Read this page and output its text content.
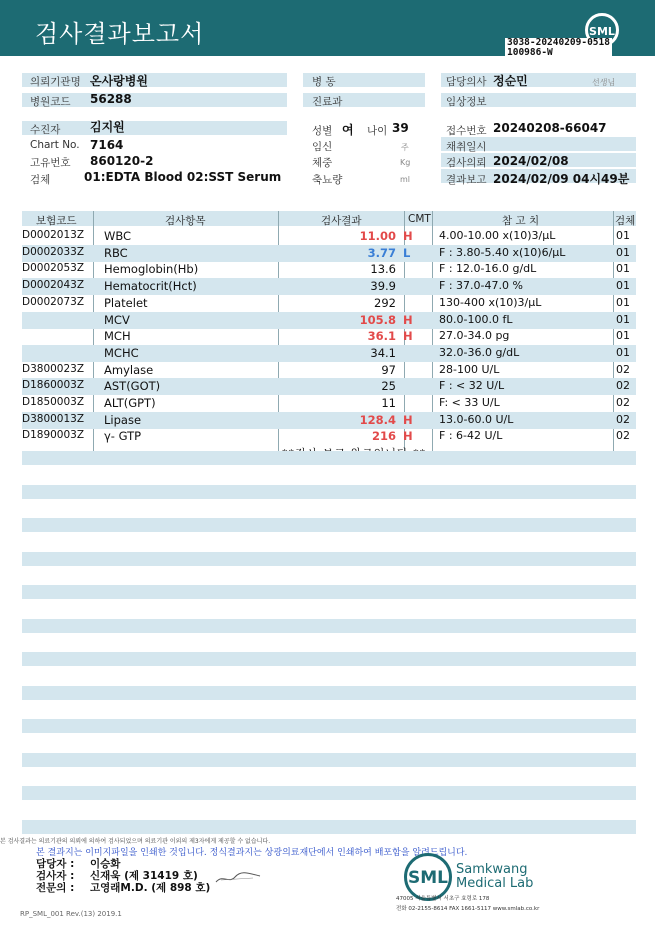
검사결과보고서	SML
3038-20240209-0518
100986-W
의뢰기관명 온사랑병원	병 동	담당의사 정순민	선생님
병원코드 56288	진료과	임상정보
수진자 김지원	성별 여 나이 39	접수번호 20240208-66047
Chart No. 7164	임신	주	채취일시
고유번호 860120-2	체중	Kg	검사의뢰 2024/02/08
검체	01:EDTA Blood 02:SST Serum	축뇨량	ml	결과보고 2024/02/09 04시49분
보험코드	검사항목	검사결과	CMT	참 고 치	검체
D0002013Z WBC	11.00 H 4.00-10.00 x(10)3/μL	01
D0002033Z RBC	3.77 L	F : 3.80-5.40 x(10)6/μL	01
D0002053Z Hemoglobin(Hb)	13.6	F : 12.0-16.0 g/dL	01
D0002043Z Hematocrit(Hct)	39.9	F : 37.0-47.0 %	01
D0002073Z Platelet	292	130-400 x(10)3/μL	01
MCV	105.8 H 80.0-100.0 fL	01
MCH	36.1 H 27.0-34.0 pg	01
MCHC	34.1	32.0-36.0 g/dL	01
D3800023Z Amylase	97	28-100 U/L	02
D1860003Z AST(GOT)	25	F : < 32 U/L	02
D1850003Z ALT(GPT)	11	F: < 33 U/L	02
D3800013Z Lipase	128.4 H 13.0-60.0 U/L	02
D1890003Z γ- GTP	216 H F : 6-42 U/L	02
본 검사결과는 의료기관의 의뢰에 의하여 검사되었으며 의료기관 이외의 제3자에게 제공할 수 없습니다.
본 결과지는 이미지파일을 인쇄한 것입니다. 정식결과지는 상광의료재단에서 인쇄하여 배포함을 알려드립니다.
담당자 : 이승화
검사자 : 신재욱 (제 31419 호)
전문의 : 고영래M.D. (제 898 호)	SML Samkwang
Medical Lab
47005 서울특별시 서초구 효령로 178
전화 02-2155-8614 FAX 1661-5117 www.smlab.co.kr
RP_SML_001 Rev.(13) 2019.1
